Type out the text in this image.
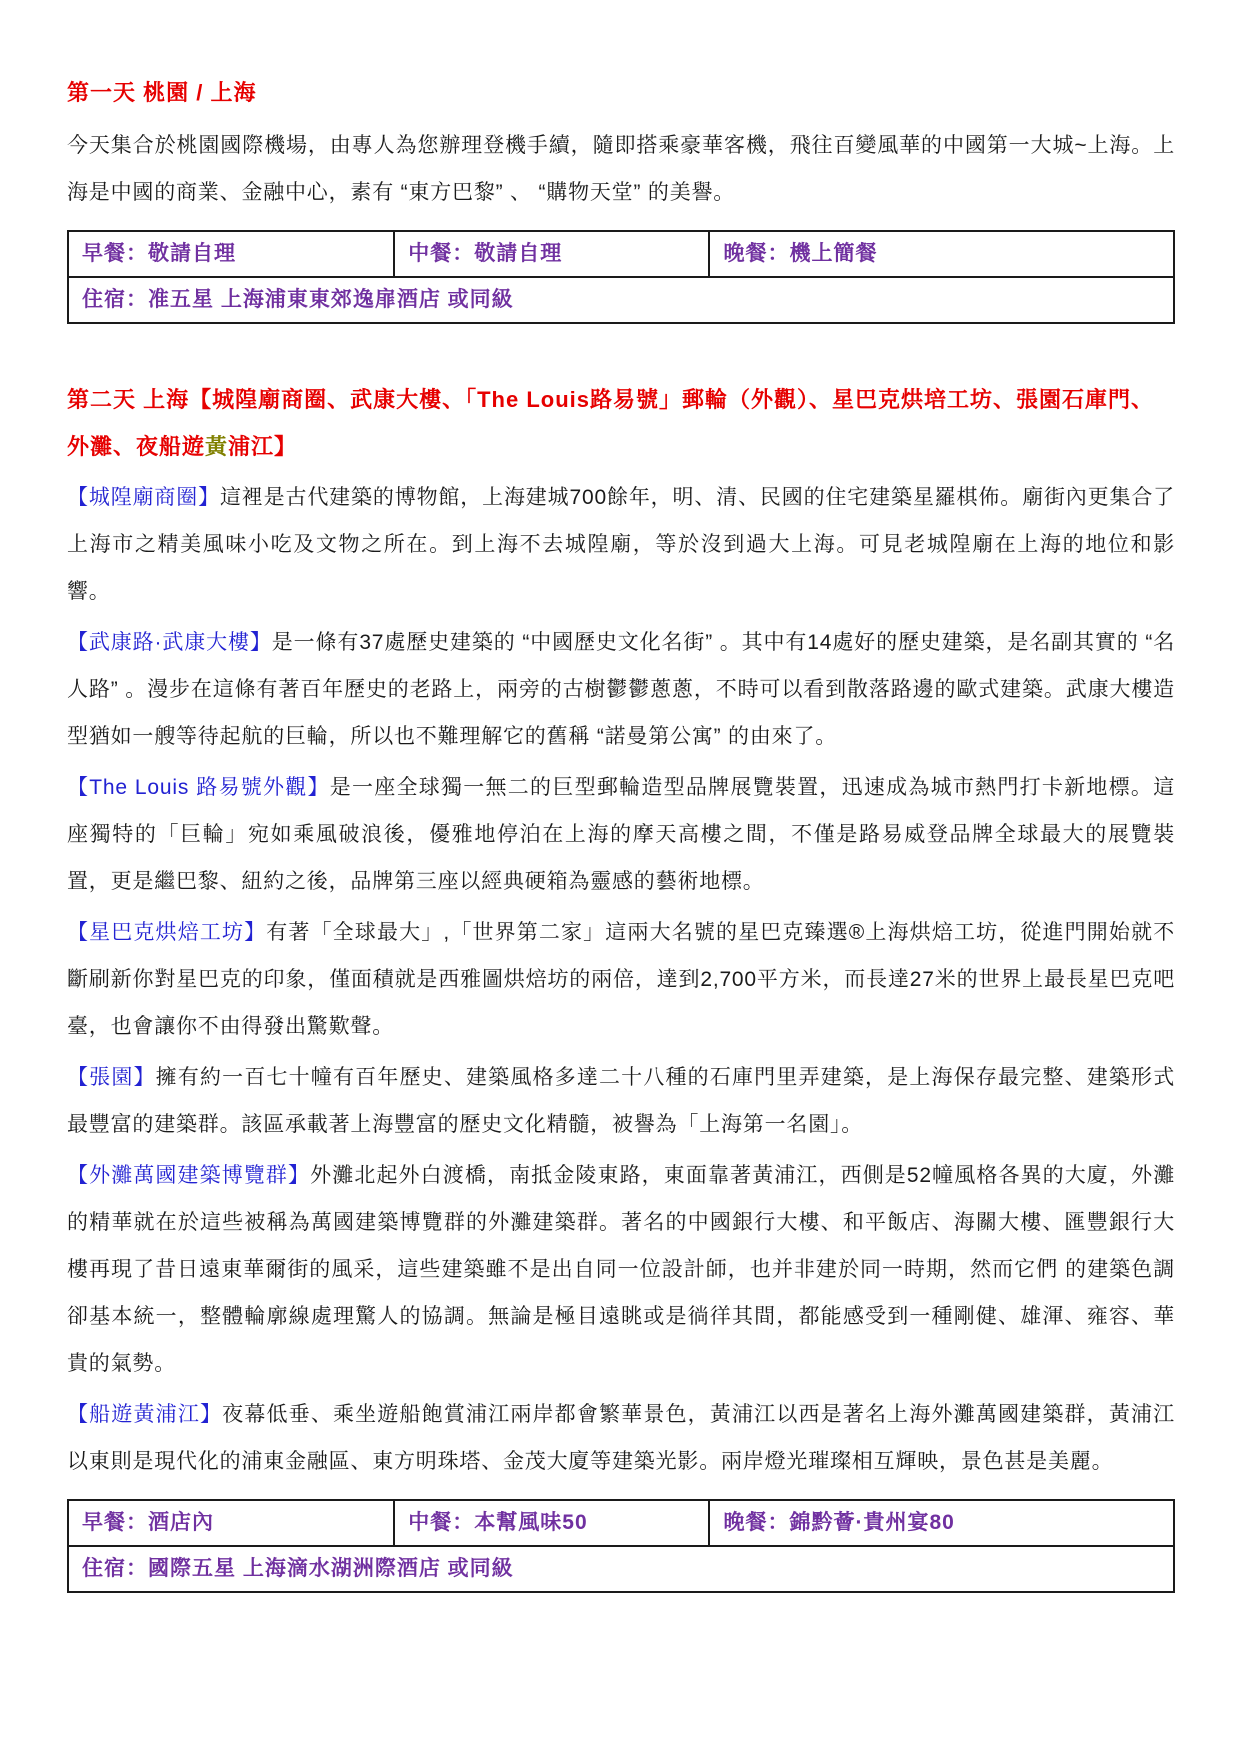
第一天 桃園 / 上海

今天集合於桃園國際機場，由專人為您辦理登機手續，隨即搭乘豪華客機，飛往百變風華的中國第一大城~上海。上海是中國的商業、金融中心，素有 “東方巴黎” 、 “購物天堂” 的美譽。

早餐：敬請自理	中餐：敬請自理	晚餐：機上簡餐
住宿：准五星 上海浦東東郊逸扉酒店 或同級
第二天 上海【城隍廟商圈、武康大樓、「The Louis路易號」郵輪（外觀）、星巴克烘培工坊、張園石庫門、外灘、夜船遊黃浦江】

【城隍廟商圈】這裡是古代建築的博物館，上海建城700餘年，明、清、民國的住宅建築星羅棋佈。廟街內更集合了上海市之精美風味小吃及文物之所在。到上海不去城隍廟，等於沒到過大上海。可見老城隍廟在上海的地位和影響。

【武康路·武康大樓】是一條有37處歷史建築的 “中國歷史文化名街” 。其中有14處好的歷史建築，是名副其實的 “名人路” 。漫步在這條有著百年歷史的老路上，兩旁的古樹鬱鬱蔥蔥，不時可以看到散落路邊的歐式建築。武康大樓造型猶如一艘等待起航的巨輪，所以也不難理解它的舊稱 “諾曼第公寓” 的由來了。

【The Louis 路易號外觀】是一座全球獨一無二的巨型郵輪造型品牌展覽裝置，迅速成為城市熱門打卡新地標。這座獨特的「巨輪」宛如乘風破浪後，優雅地停泊在上海的摩天高樓之間，不僅是路易威登品牌全球最大的展覽裝置，更是繼巴黎、紐約之後，品牌第三座以經典硬箱為靈感的藝術地標。

【星巴克烘焙工坊】有著「全球最大」,「世界第二家」這兩大名號的星巴克臻選®上海烘焙工坊，從進門開始就不斷刷新你對星巴克的印象，僅面積就是西雅圖烘焙坊的兩倍，達到2,700平方米，而長達27米的世界上最長星巴克吧臺，也會讓你不由得發出驚歎聲。

【張園】擁有約一百七十幢有百年歷史、建築風格多達二十八種的石庫門里弄建築，是上海保存最完整、建築形式最豐富的建築群。該區承載著上海豐富的歷史文化精髓，被譽為「上海第一名園」。

【外灘萬國建築博覽群】外灘北起外白渡橋，南抵金陵東路，東面靠著黃浦江，西側是52幢風格各異的大廈，外灘的精華就在於這些被稱為萬國建築博覽群的外灘建築群。著名的中國銀行大樓、和平飯店、海關大樓、匯豐銀行大樓再現了昔日遠東華爾街的風采，這些建築雖不是出自同一位設計師，也并非建於同一時期，然而它們 的建築色調卻基本統一，整體輪廓線處理驚人的協調。無論是極目遠眺或是徜徉其間，都能感受到一種剛健、雄渾、雍容、華貴的氣勢。

【船遊黃浦江】夜幕低垂、乘坐遊船飽賞浦江兩岸都會繁華景色，黃浦江以西是著名上海外灘萬國建築群，黃浦江以東則是現代化的浦東金融區、東方明珠塔、金茂大廈等建築光影。兩岸燈光璀璨相互輝映，景色甚是美麗。

早餐：酒店內	中餐：本幫風味50	晚餐：錦黔薈·貴州宴80
住宿：國際五星 上海滴水湖洲際酒店 或同級
